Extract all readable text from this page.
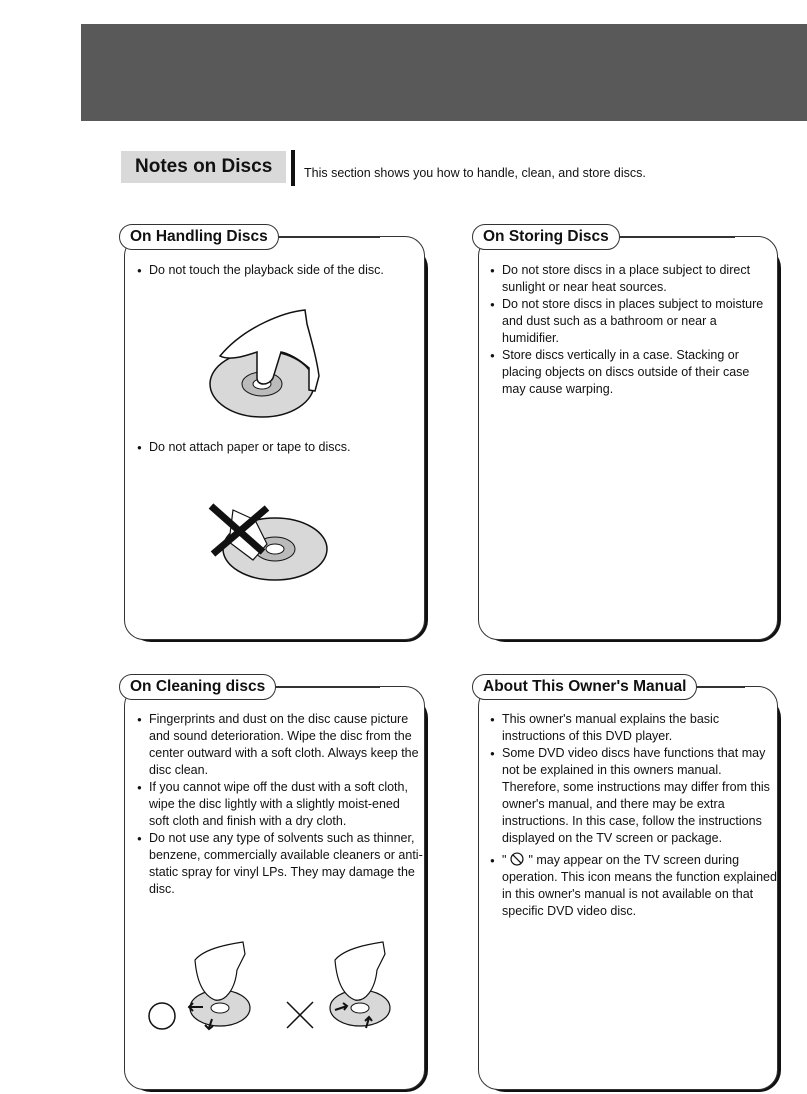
Notes on Discs	This section shows you how to handle, clean, and store discs.
On Handling Discs
● Do not touch the playback side of the disc.
● Do not attach paper or tape to discs.
On Storing Discs
● Do not store discs in a place subject to direct sunlight or near heat sources.
● Do not store discs in places subject to moisture and dust such as a bathroom or near a humidifier.
● Store discs vertically in a case. Stacking or placing objects on discs outside of their case may cause warping.
On Cleaning discs
● Fingerprints and dust on the disc cause picture and sound deterioration. Wipe the disc from the center outward with a soft cloth. Always keep the disc clean.
● If you cannot wipe off the dust with a soft cloth, wipe the disc lightly with a slightly moist-ened soft cloth and finish with a dry cloth.
● Do not use any type of solvents such as thinner, benzene, commercially available cleaners or anti-static spray for vinyl LPs. They may damage the disc.
About This Owner's Manual
● This owner's manual explains the basic instructions of this DVD player.
● Some DVD video discs have functions that may not be explained in this owners manual. Therefore, some instructions may differ from this owner's manual, and there may be extra instructions. In this case, follow the instructions displayed on the TV screen or package.
● " " may appear on the TV screen during operation. This icon means the function explained in this owner's manual is not available on that specific DVD video disc.
